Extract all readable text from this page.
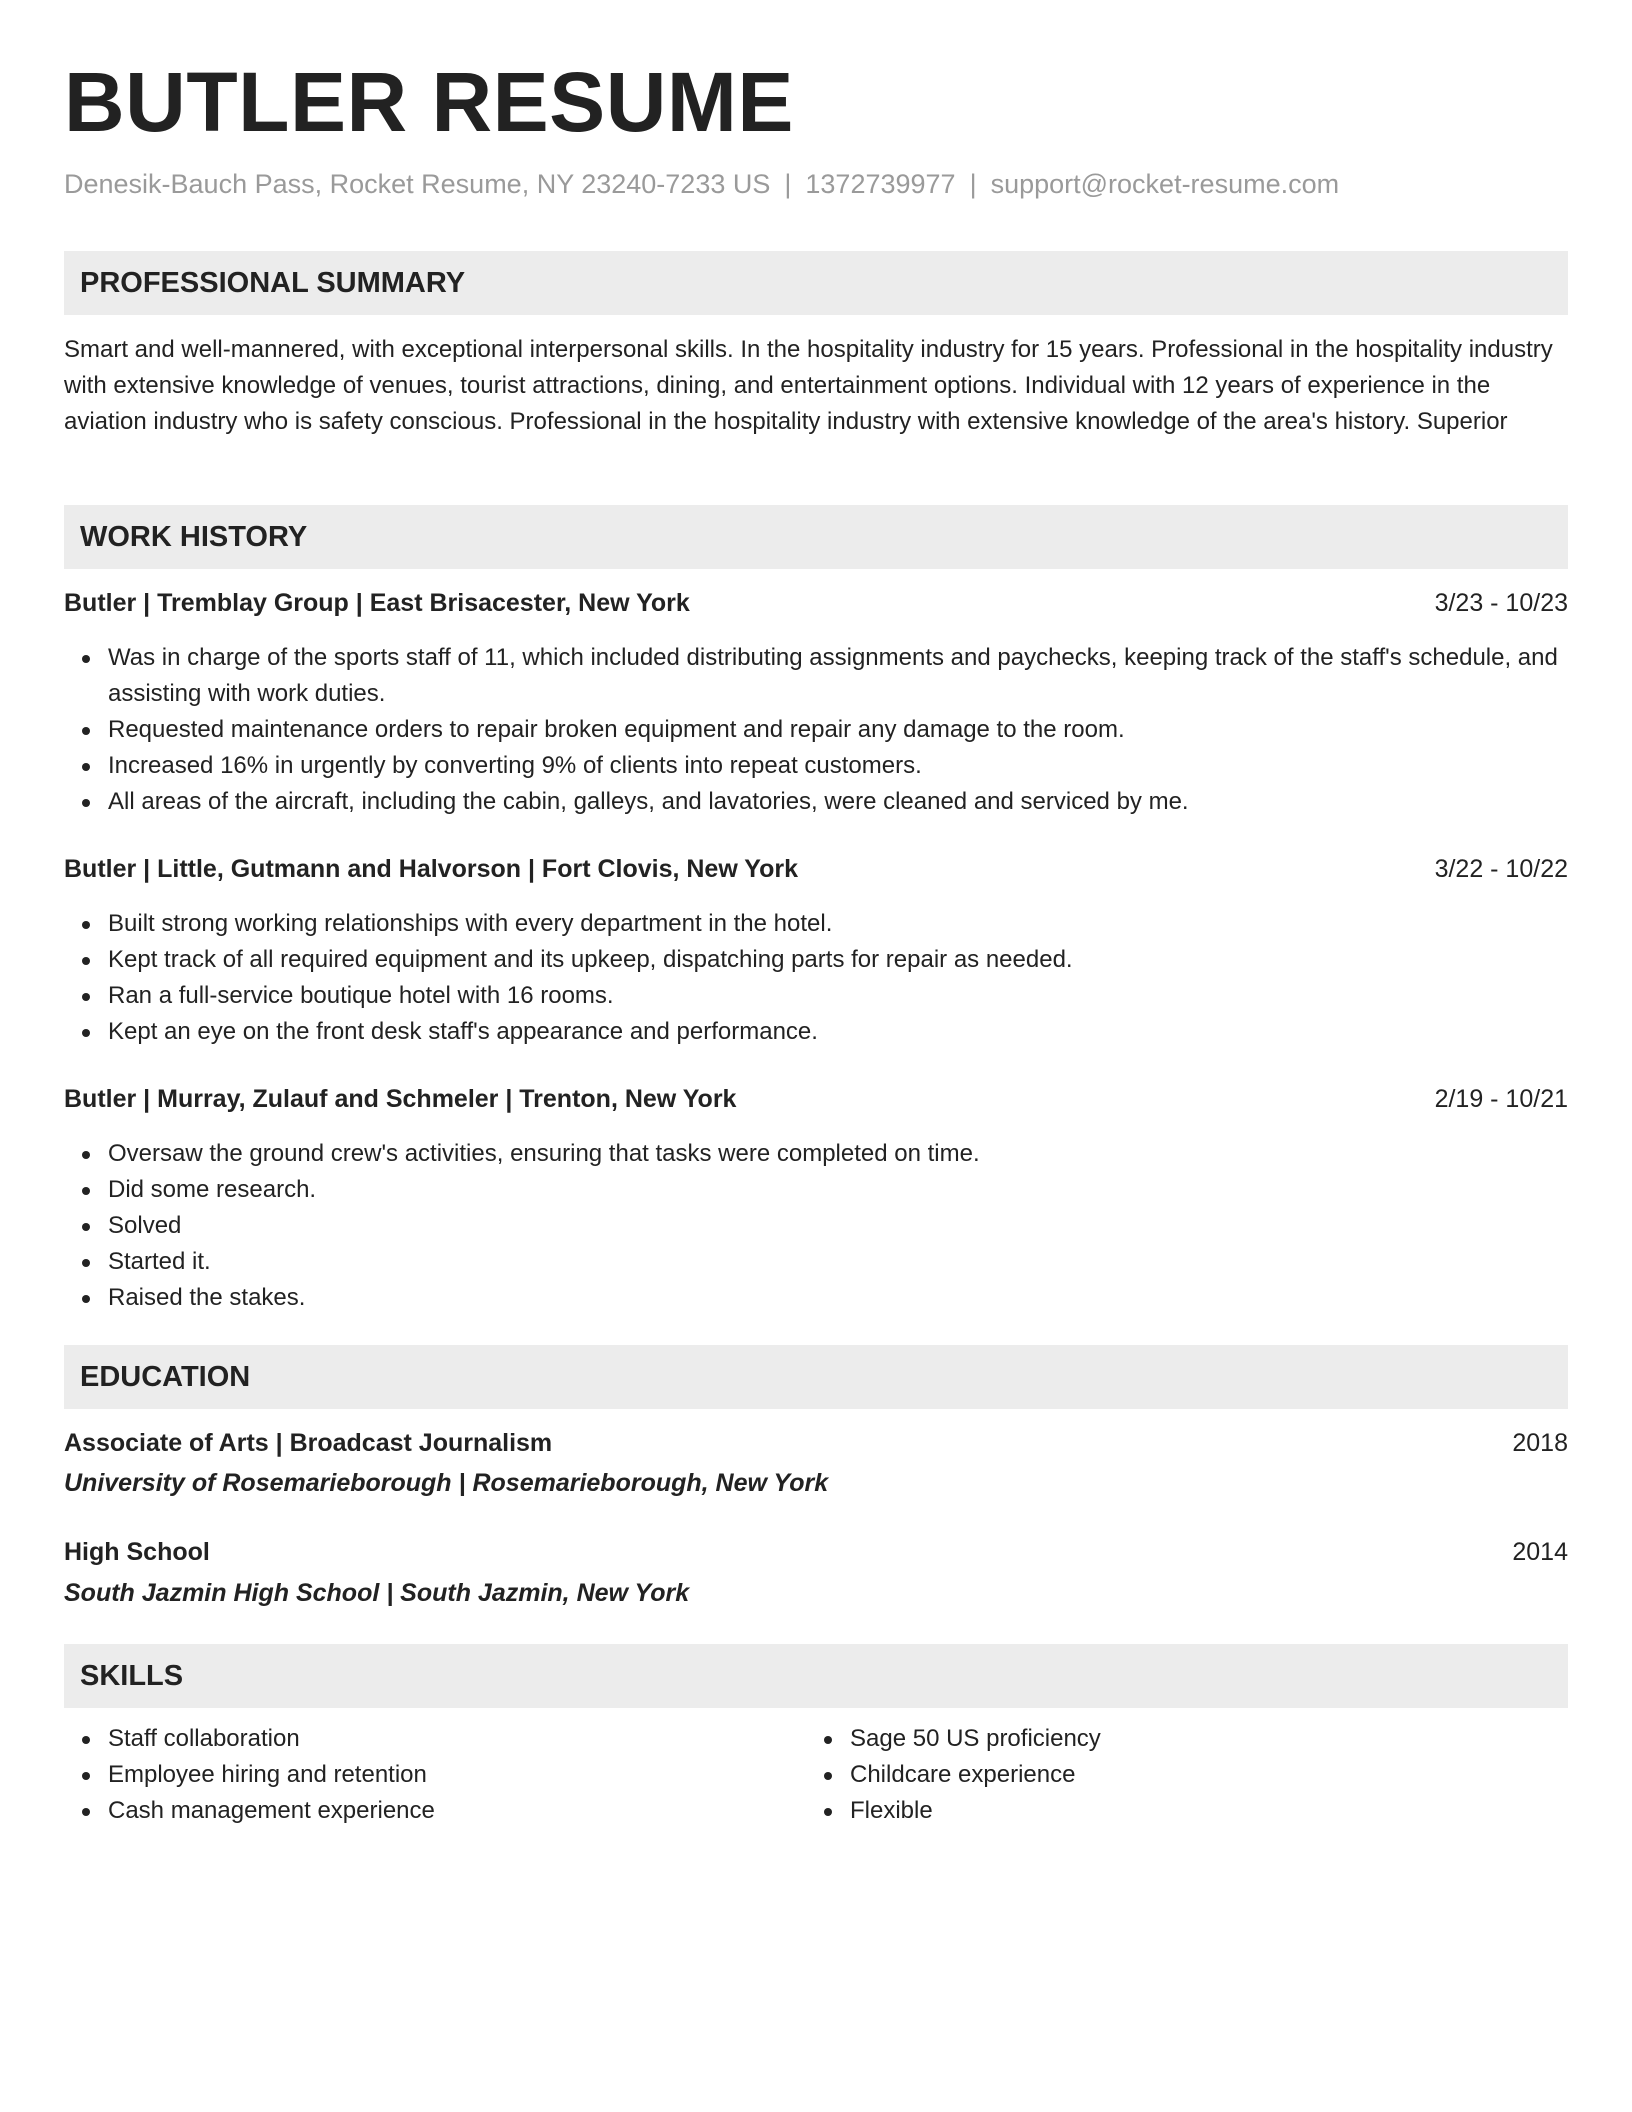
BUTLER RESUME
Denesik-Bauch Pass, Rocket Resume, NY 23240-7233 US | 1372739977 | support@rocket-resume.com
PROFESSIONAL SUMMARY

Smart and well-mannered, with exceptional interpersonal skills. In the hospitality industry for 15 years. Professional in the hospitality industry with extensive knowledge of venues, tourist attractions, dining, and entertainment options. Individual with 12 years of experience in the aviation industry who is safety conscious. Professional in the hospitality industry with extensive knowledge of the area's history. Superior

WORK HISTORY
Butler | Tremblay Group | East Brisacester, New York	3/23 - 10/23
Was in charge of the sports staff of 11, which included distributing assignments and paychecks, keeping track of the staff's schedule, and assisting with work duties.
Requested maintenance orders to repair broken equipment and repair any damage to the room.
Increased 16% in urgently by converting 9% of clients into repeat customers.
All areas of the aircraft, including the cabin, galleys, and lavatories, were cleaned and serviced by me.
Butler | Little, Gutmann and Halvorson | Fort Clovis, New York	3/22 - 10/22
Built strong working relationships with every department in the hotel.
Kept track of all required equipment and its upkeep, dispatching parts for repair as needed.
Ran a full-service boutique hotel with 16 rooms.
Kept an eye on the front desk staff's appearance and performance.
Butler | Murray, Zulauf and Schmeler | Trenton, New York	2/19 - 10/21
Oversaw the ground crew's activities, ensuring that tasks were completed on time.
Did some research.
Solved
Started it.
Raised the stakes.
EDUCATION
Associate of Arts | Broadcast Journalism	2018
University of Rosemarieborough | Rosemarieborough, New York
High School	2014
South Jazmin High School | South Jazmin, New York
SKILLS
Staff collaboration
Employee hiring and retention
Cash management experience
Sage 50 US proficiency
Childcare experience
Flexible
